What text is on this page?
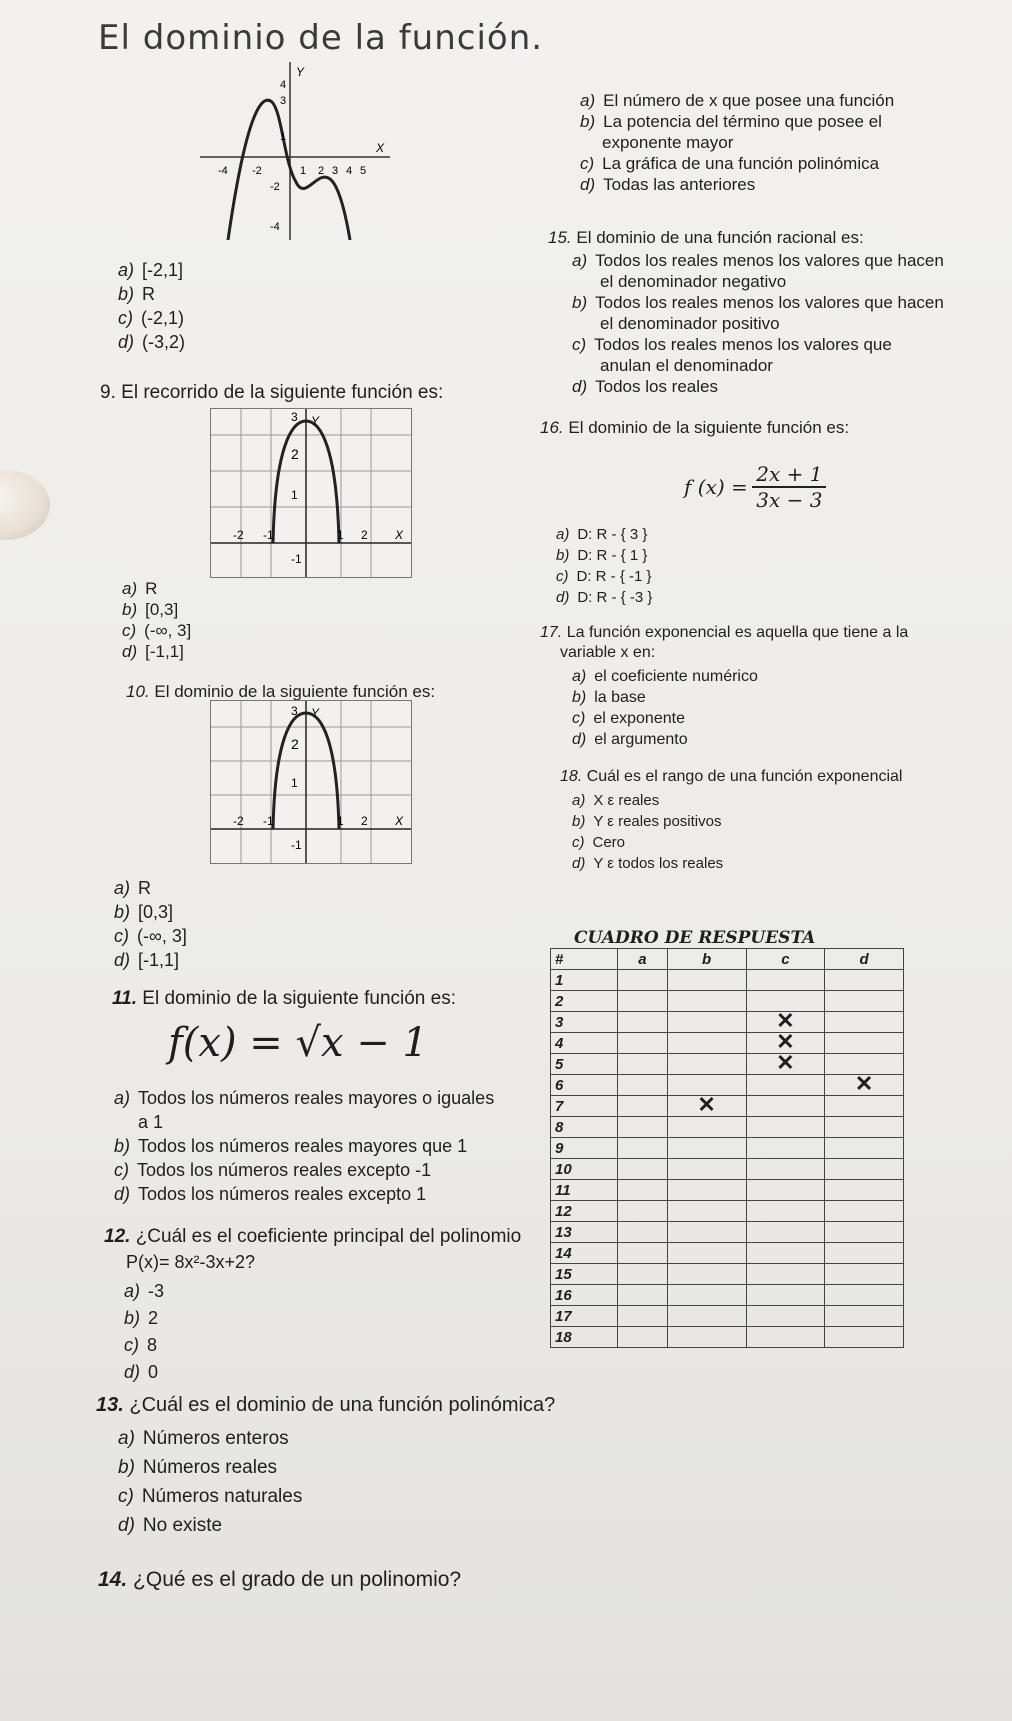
El dominio de la función.
4
3
1
-2
-4
-4 -2	1 2 3 4 5
X
Y
a) [-2,1]
b) R
c) (-2,1)
d) (-3,2)
9. El recorrido de la siguiente función es:
3
2
1
-2 -1	1 2
-1
X
Y
a) R
b) [0,3]
c) (-∞, 3]
d) [-1,1]
10. El dominio de la siguiente función es:
3
2
1
-2 -1	1 2
-1
X
Y
a) R
b) [0,3]
c) (-∞, 3]
d) [-1,1]
11. El dominio de la siguiente función es:
f(x) = √x − 1
a) Todos los números reales mayores o iguales
a 1
b) Todos los números reales mayores que 1
c) Todos los números reales excepto -1
d) Todos los números reales excepto 1
12. ¿Cuál es el coeficiente principal del polinomio
P(x)= 8x²-3x+2?
a) -3
b) 2
c) 8
d) 0
13. ¿Cuál es el dominio de una función polinómica?
a) Números enteros
b) Números reales
c) Números naturales
d) No existe
14. ¿Qué es el grado de un polinomio?
a) El número de x que posee una función
b) La potencia del término que posee el
exponente mayor
c) La gráfica de una función polinómica
d) Todas las anteriores
15. El dominio de una función racional es:
a) Todos los reales menos los valores que hacen
el denominador negativo
b) Todos los reales menos los valores que hacen
el denominador positivo
c) Todos los reales menos los valores que
anulan el denominador
d) Todos los reales
16. El dominio de la siguiente función es:
f $(x) = \frac{2x + 1}{3x - 3}$
a) D: R - { 3 }
b) D: R - { 1 }
c) D: R - { -1 }
d) D: R - { -3 }
17. La función exponencial es aquella que tiene a la
variable x en:
a) el coeficiente numérico
b) la base
c) el exponente
d) el argumento
18. Cuál es el rango de una función exponencial
a) X ε reales
b) Y ε reales positivos
c) Cero
d) Y ε todos los reales
CUADRO DE RESPUESTA
#	a	b	c	d
1				
2				
3			✕	
4			✕	
5			✕	
6				✕
7		✕		
8				
9				
10				
11				
12				
13				
14				
15				
16				
17				
18				
